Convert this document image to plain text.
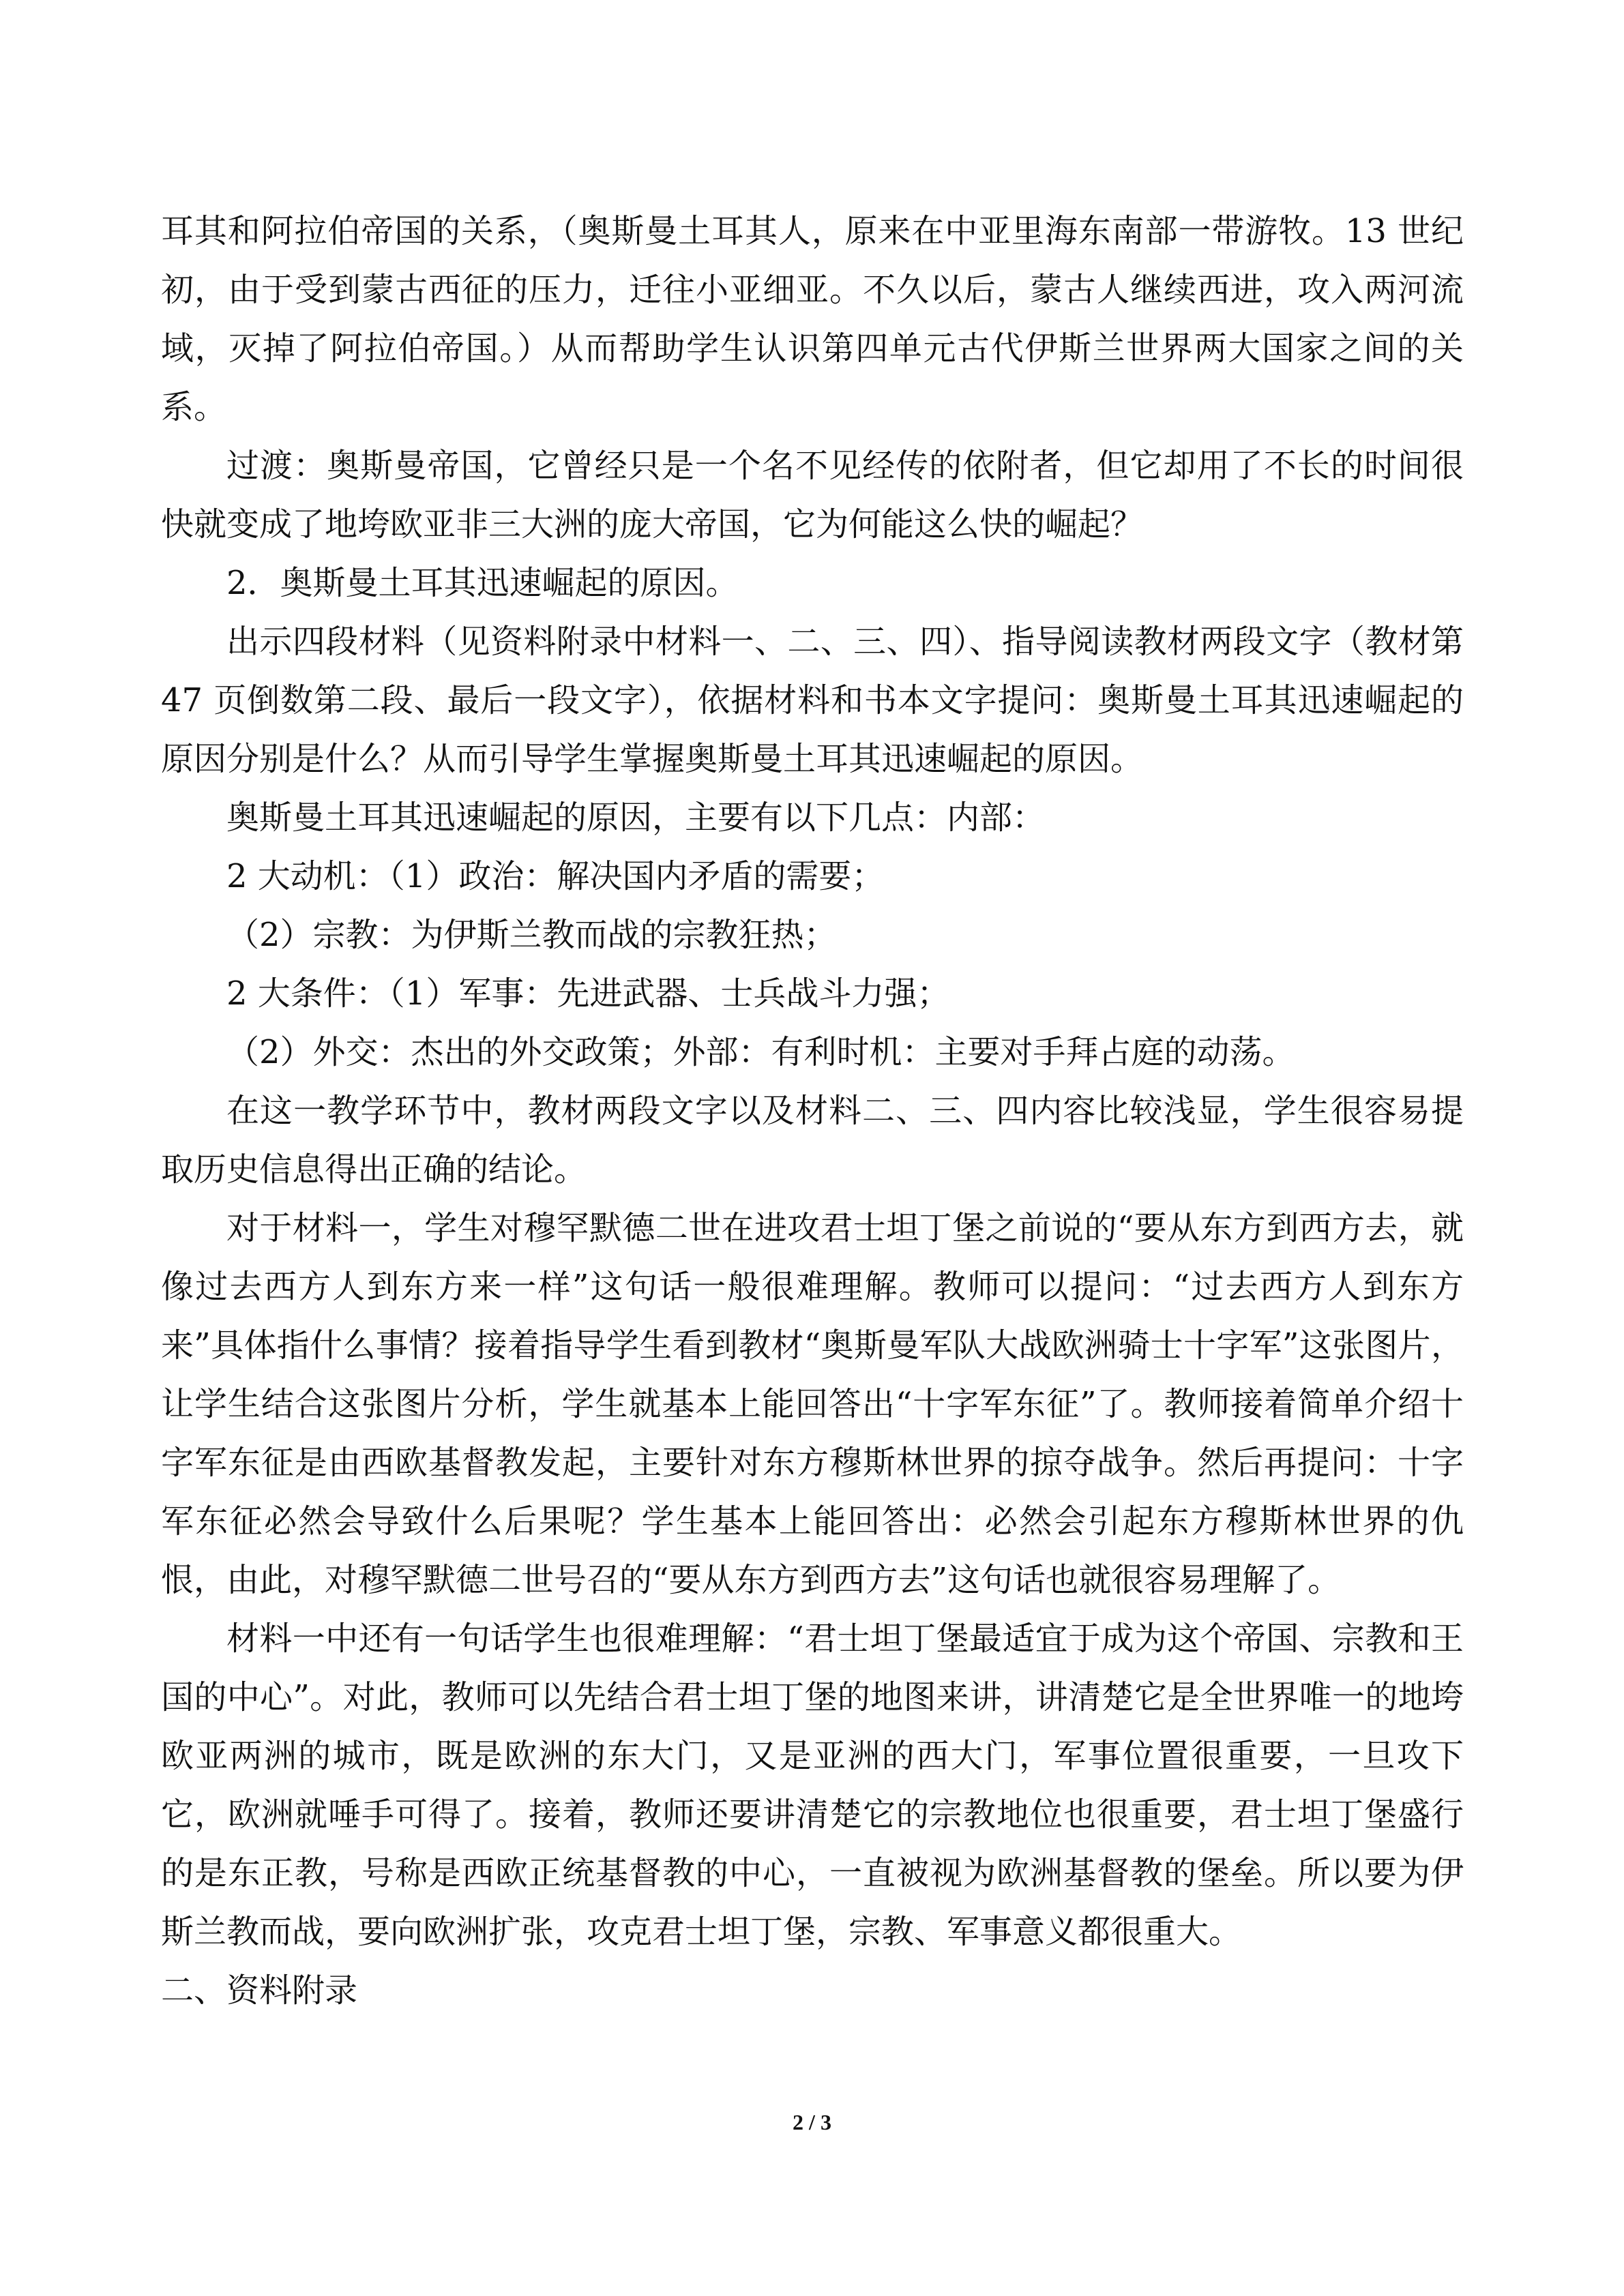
耳其和阿拉伯帝国的关系，（奥斯曼土耳其人，原来在中亚里海东南部一带游牧。13 世纪初，由于受到蒙古西征的压力，迁往小亚细亚。不久以后，蒙古人继续西进，攻入两河流域，灭掉了阿拉伯帝国。）从而帮助学生认识第四单元古代伊斯兰世界两大国家之间的关系。

过渡：奥斯曼帝国，它曾经只是一个名不见经传的依附者，但它却用了不长的时间很快就变成了地垮欧亚非三大洲的庞大帝国，它为何能这么快的崛起？

2．奥斯曼土耳其迅速崛起的原因。

出示四段材料（见资料附录中材料一、二、三、四）、指导阅读教材两段文字（教材第 47 页倒数第二段、最后一段文字），依据材料和书本文字提问：奥斯曼土耳其迅速崛起的原因分别是什么？从而引导学生掌握奥斯曼土耳其迅速崛起的原因。

奥斯曼土耳其迅速崛起的原因，主要有以下几点：内部：

2 大动机：（1）政治：解决国内矛盾的需要；

（2）宗教：为伊斯兰教而战的宗教狂热；

2 大条件：（1）军事：先进武器、士兵战斗力强；

（2）外交：杰出的外交政策；外部：有利时机：主要对手拜占庭的动荡。

在这一教学环节中，教材两段文字以及材料二、三、四内容比较浅显，学生很容易提取历史信息得出正确的结论。

对于材料一，学生对穆罕默德二世在进攻君士坦丁堡之前说的“要从东方到西方去，就像过去西方人到东方来一样”这句话一般很难理解。教师可以提问：“过去西方人到东方来”具体指什么事情？接着指导学生看到教材“奥斯曼军队大战欧洲骑士十字军”这张图片，让学生结合这张图片分析，学生就基本上能回答出“十字军东征”了。教师接着简单介绍十字军东征是由西欧基督教发起，主要针对东方穆斯林世界的掠夺战争。然后再提问：十字军东征必然会导致什么后果呢？学生基本上能回答出：必然会引起东方穆斯林世界的仇恨，由此，对穆罕默德二世号召的“要从东方到西方去”这句话也就很容易理解了。

材料一中还有一句话学生也很难理解：“君士坦丁堡最适宜于成为这个帝国、宗教和王国的中心”。对此，教师可以先结合君士坦丁堡的地图来讲，讲清楚它是全世界唯一的地垮欧亚两洲的城市，既是欧洲的东大门，又是亚洲的西大门，军事位置很重要，一旦攻下它，欧洲就唾手可得了。接着，教师还要讲清楚它的宗教地位也很重要，君士坦丁堡盛行的是东正教，号称是西欧正统基督教的中心，一直被视为欧洲基督教的堡垒。所以要为伊斯兰教而战，要向欧洲扩张，攻克君士坦丁堡，宗教、军事意义都很重大。

二、资料附录

2 / 3
